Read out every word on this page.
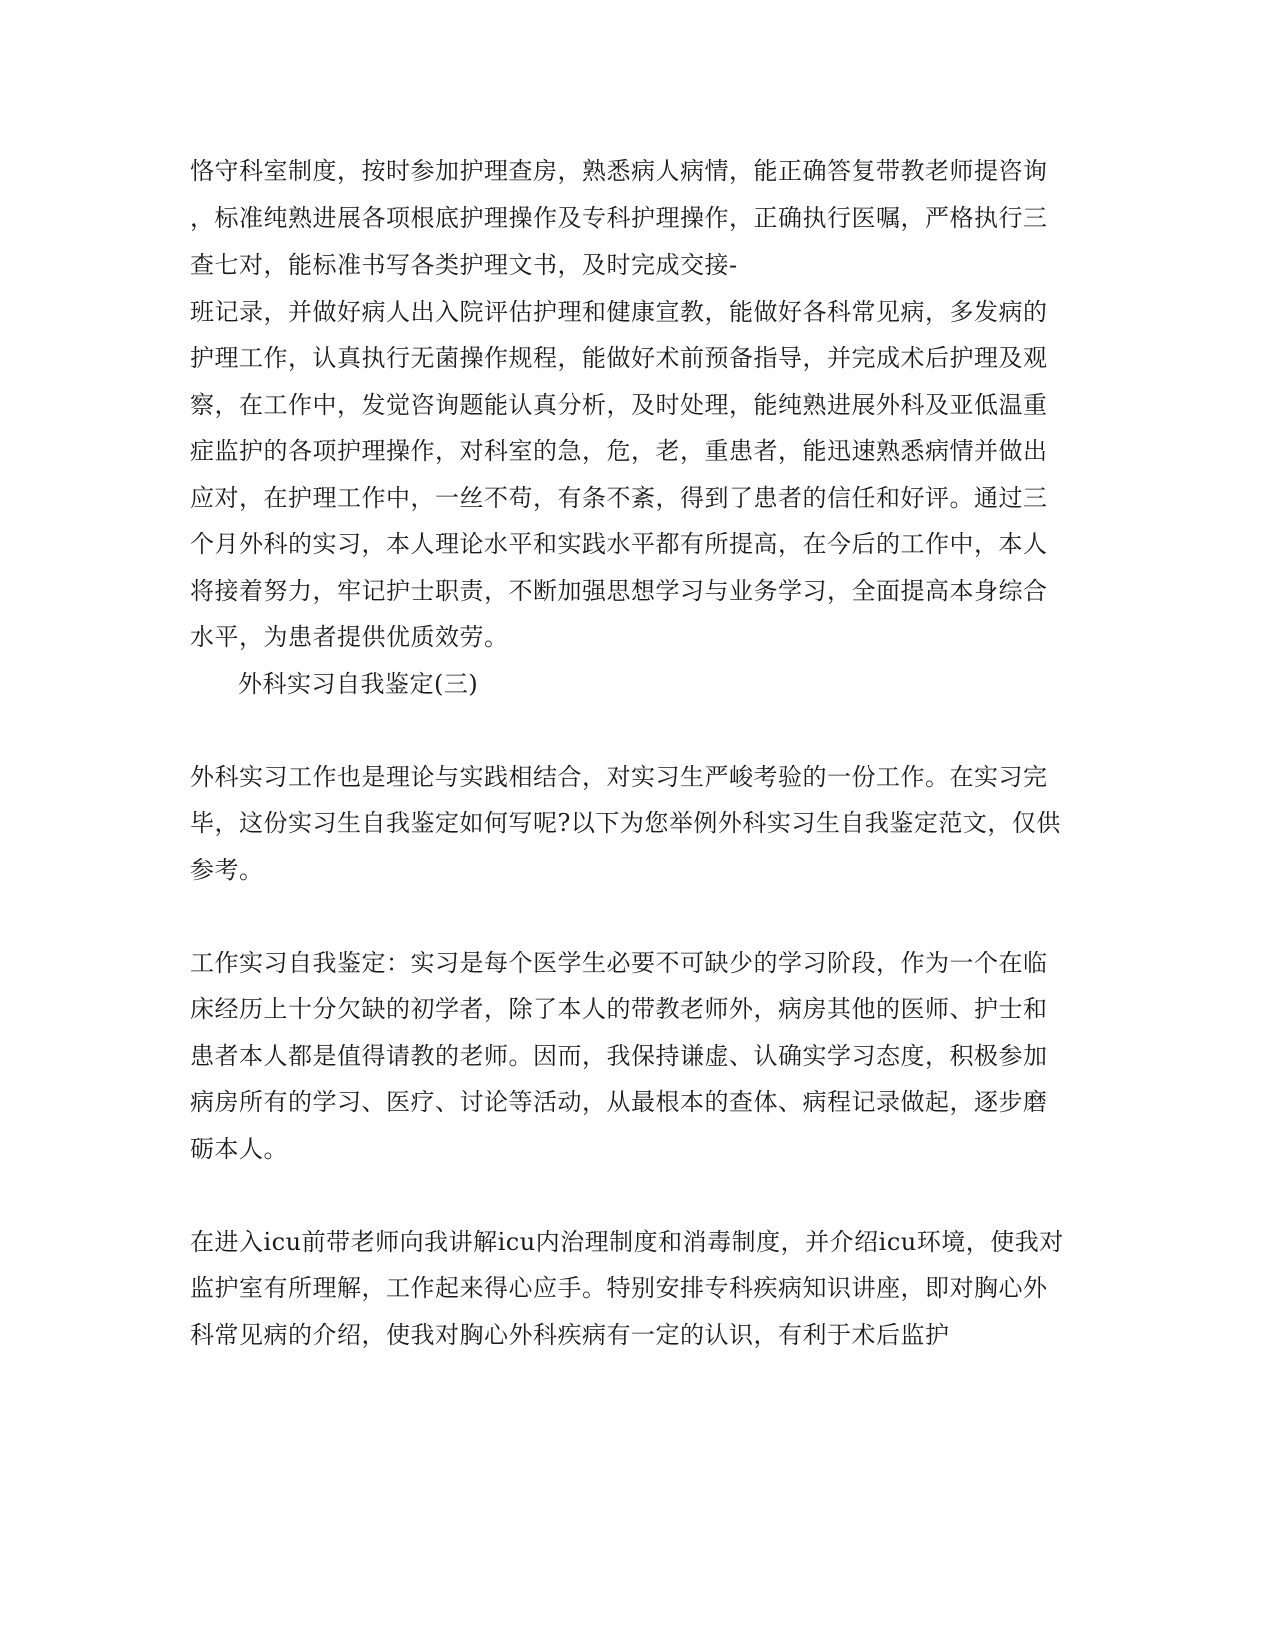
恪守科室制度，按时参加护理查房，熟悉病人病情，能正确答复带教老师提咨询
，标准纯熟进展各项根底护理操作及专科护理操作，正确执行医嘱，严格执行三
查七对，能标准书写各类护理文书，及时完成交接-
班记录，并做好病人出入院评估护理和健康宣教，能做好各科常见病，多发病的
护理工作，认真执行无菌操作规程，能做好术前预备指导，并完成术后护理及观
察，在工作中，发觉咨询题能认真分析，及时处理，能纯熟进展外科及亚低温重
症监护的各项护理操作，对科室的急，危，老，重患者，能迅速熟悉病情并做出
应对，在护理工作中，一丝不苟，有条不紊，得到了患者的信任和好评。通过三
个月外科的实习，本人理论水平和实践水平都有所提高，在今后的工作中，本人
将接着努力，牢记护士职责，不断加强思想学习与业务学习，全面提高本身综合
水平，为患者提供优质效劳。
外科实习自我鉴定(三)
外科实习工作也是理论与实践相结合，对实习生严峻考验的一份工作。在实习完
毕，这份实习生自我鉴定如何写呢?以下为您举例外科实习生自我鉴定范文，仅供
参考。
工作实习自我鉴定：实习是每个医学生必要不可缺少的学习阶段，作为一个在临
床经历上十分欠缺的初学者，除了本人的带教老师外，病房其他的医师、护士和
患者本人都是值得请教的老师。因而，我保持谦虚、认确实学习态度，积极参加
病房所有的学习、医疗、讨论等活动，从最根本的查体、病程记录做起，逐步磨
砺本人。
在进入icu前带老师向我讲解icu内治理制度和消毒制度，并介绍icu环境，使我对
监护室有所理解，工作起来得心应手。特别安排专科疾病知识讲座，即对胸心外
科常见病的介绍，使我对胸心外科疾病有一定的认识，有利于术后监护
